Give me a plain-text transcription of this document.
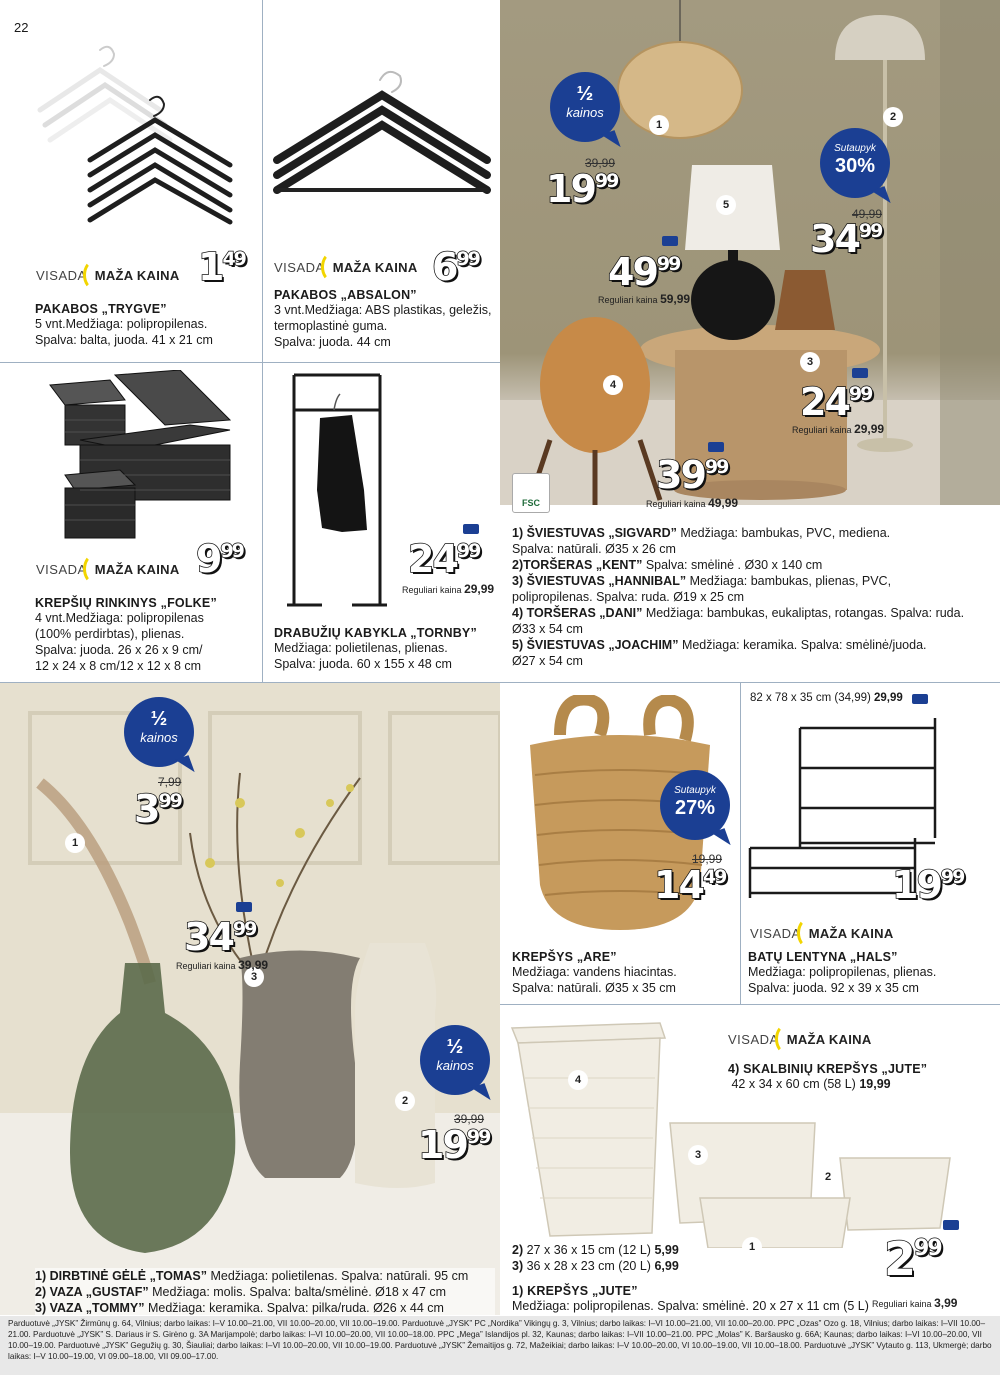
22
VISADA MAŽA KAINA 149
PAKABOS „TRYGVE”
5 vnt.Medžiaga: polipropilenas.
Spalva: balta, juoda. 41 x 21 cm
VISADA MAŽA KAINA 699
PAKABOS „ABSALON”
3 vnt.Medžiaga: ABS plastikas, geležis,
termoplastinė guma.
Spalva: juoda. 44 cm
VISADA MAŽA KAINA 999
KREPŠIŲ RINKINYS „FOLKE”
4 vnt.Medžiaga: polipropilenas
(100% perdirbtas), plienas.
Spalva: juoda. 26 x 26 x 9 cm/
12 x 24 x 8 cm/12 x 12 x 8 cm
2499
Reguliari kaina 29,99
DRABUŽIŲ KABYKLA „TORNBY”
Medžiaga: polietilenas, plienas.
Spalva: juoda. 60 x 155 x 48 cm
1
2
5
3
4
½
kainos
39,99
1999
Sutaupyk
30%
49,99
3499
4999
Reguliari kaina 59,99
2499
Reguliari kaina 29,99
3999
Reguliari kaina 49,99
FSC
1) ŠVIESTUVAS „SIGVARD” Medžiaga: bambukas, PVC, mediena.
Spalva: natūrali. Ø35 x 26 cm
2)TORŠERAS „KENT” Spalva: smėlinė . Ø30 x 140 cm
3) ŠVIESTUVAS „HANNIBAL” Medžiaga: bambukas, plienas, PVC,
polipropilenas. Spalva: ruda. Ø19 x 25 cm
4) TORŠERAS „DANI” Medžiaga: bambukas, eukaliptas, rotangas. Spalva: ruda.
Ø33 x 54 cm
5) ŠVIESTUVAS „JOACHIM” Medžiaga: keramika. Spalva: smėlinė/juoda.
Ø27 x 54 cm
1
3
2
½
kainos
7,99
399
3499
Reguliari kaina 39,99
½
kainos
39,99
1999
1) DIRBTINĖ GĖLĖ „TOMAS” Medžiaga: polietilenas. Spalva: natūrali. 95 cm
2) VAZA „GUSTAF” Medžiaga: molis. Spalva: balta/smėlinė. Ø18 x 47 cm
3) VAZA „TOMMY” Medžiaga: keramika. Spalva: pilka/ruda. Ø26 x 44 cm
Sutaupyk
27%
19,99
1449
KREPŠYS „ARE”
Medžiaga: vandens hiacintas.
Spalva: natūrali. Ø35 x 35 cm
82 x 78 x 35 cm (34,99) 29,99
1999
VISADA MAŽA KAINA
BATŲ LENTYNA „HALS”
Medžiaga: polipropilenas, plienas.
Spalva: juoda. 92 x 39 x 35 cm
4
3
2
1
VISADA MAŽA KAINA
4) SKALBINIŲ KREPŠYS „JUTE”
42 x 34 x 60 cm (58 L) 19,99
299
Reguliari kaina 3,99
2) 27 x 36 x 15 cm (12 L) 5,99
3) 36 x 28 x 23 cm (20 L) 6,99
1) KREPŠYS „JUTE”
Medžiaga: polipropilenas. Spalva: smėlinė. 20 x 27 x 11 cm (5 L)
Parduotuvė „JYSK” Žirmūnų g. 64, Vilnius; darbo laikas: I–V 10.00–21.00, VII 10.00–20.00, VII 10.00–19.00. Parduotuvė „JYSK” PC „Nordika” Vikingų g. 3, Vilnius; darbo laikas: I–VI 10.00–21.00, VII 10.00–20.00. PPC „Ozas” Ozo g. 18, Vilnius; darbo laikas: I–VII 10.00–21.00. Parduotuvė „JYSK” S. Dariaus ir S. Girėno g. 3A Marijampolė; darbo laikas: I–VI 10.00–20.00, VII 10.00–18.00. PPC „Mega” Islandijos pl. 32, Kaunas; darbo laikas: I–VII 10.00–21.00. PPC „Molas” K. Baršausko g. 66A; Kaunas; darbo laikas: I–VI 10.00–20.00, VII 10.00–19.00. Parduotuvė „JYSK” Gegužių g. 30, Šiauliai; darbo laikas: I–VI 10.00–20.00, VII 10.00–19.00. Parduotuvė „JYSK” Žemaitijos g. 72, Mažeikiai; darbo laikas: I–V 10.00–20.00, VI 10.00–19.00, VII 10.00–18.00. Parduotuvė „JYSK” Vytauto g. 113, Ukmergė; darbo laikas: I–V 10.00–19.00, VI 09.00–18.00, VII 09.00–17.00.
